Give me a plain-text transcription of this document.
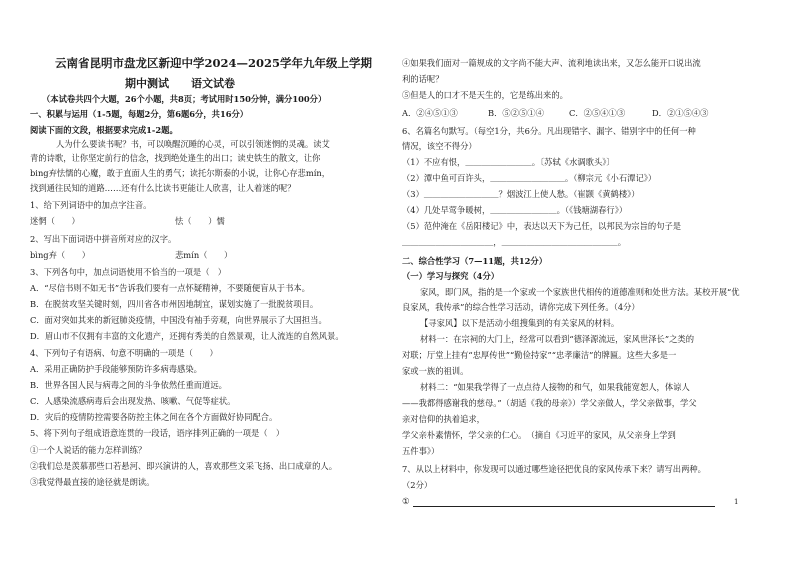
云南省昆明市盘龙区新迎中学2024—2025学年九年级上学期
期中测试　　语文试卷
（本试卷共四个大题，26个小题，共8页；考试用时150分钟，满分100分）
一、积累与运用（1-5题，每题2分，第6题6分，共16分）
阅读下面的文段，根据要求完成1-2题。
人为什么要读书呢？书，可以唤醒沉睡的心灵，可以引领迷惘的灵魂。读艾
青的诗歌，让你坚定前行的信念，找到绝处逢生的出口；读史铁生的散文，让你
bing弃怯懦的心魔，敢于直面人生的勇气；读托尔斯泰的小说，让你心存悲mín，
找到通往民知的道路……还有什么比读书更能让人欣喜，让人着迷的呢？
1、给下列词语中的加点字注音。
迷惘（　　）	怯（　　）懦
2、写出下面词语中拼音所对应的汉字。
bìng弃（　　）	悲mín（　　）
3、下列各句中，加点词语使用不恰当的一项是（　）
A．“尽信书则不如无书”告诉我们要有一点怀疑精神，不要随便盲从于书本。
B．在脱贫攻坚关键时刻，四川省各市州因地制宜，谋划实施了一批脱贫项目。
C．面对突如其来的新冠肺炎疫情，中国没有袖手旁观，向世界展示了大国担当。
D．眉山市不仅拥有丰富的文化遗产，还拥有秀美的自然景观，让人流连的自然风景。
4、下列句子有语病、句意不明确的一项是（　　）
A．采用正确防护手段能够预防许多病毒感染。
B．世界各国人民与病毒之间的斗争依然任重而道远。
C．人感染流感病毒后会出现发热、咳嗽、气促等症状。
D．灾后的疫情防控需要各防控主体之间在各个方面做好协同配合。
5、将下列句子组成语意连贯的一段话，语序排列正确的一项是（　）
①一个人说话的能力怎样训练？
②我们总是羡慕那些口若悬河、即兴演讲的人，喜欢那些文采飞扬、出口成章的人。
③我觉得最直接的途径就是朗读。
④如果我们面对一篇规成的文字尚不能大声、流利地读出来，又怎么能开口说出流
利的话呢？
⑤但是人的口才不是天生的，它是练出来的。
A．②④⑤①③	B．⑤②⑤①④	C．②⑤④①③	D．②①⑤④③
6、名篇名句默写。（每空1分，共6分。凡出现错字、漏字、错别字中的任何一种
情况，该空不得分）
（1）不应有恨，＿＿＿＿＿＿＿＿。〔苏轼《水调歌头》〕
（2）潭中鱼可百许头，＿＿＿＿＿＿＿＿＿。（柳宗元《小石潭记》）
（3）＿＿＿＿＿＿＿＿＿？烟波江上使人愁。（崔颢《黄鹤楼》）
（4）几处早莺争暖树，＿＿＿＿＿＿＿＿。（《钱塘湖春行》）
（5）范仲淹在《岳阳楼记》中，表达以天下为己任，以邦民为宗旨的句子是
＿＿＿＿＿＿＿＿＿＿＿，＿＿＿＿＿＿＿＿＿＿＿＿＿＿。
二、综合性学习（7—11题，共12分）
（一）学习与探究（4分）
家风，即门风，指的是一个家或一个家族世代相传的道德准则和处世方法。某校开展“优
良家风，我传承”的综合性学习活动，请你完成下列任务。（4分）
【寻家风】以下是活动小组搜集到的有关家风的材料。
材料一：在宗祠的大门上，经常可以看到“德泽源流远，家风世泽长”之类的
对联；厅堂上挂有“忠厚传世”“勤俭持家”“忠孝廉洁”的牌匾。这些大多是一
家或一族的祖训。
材料二：“如果我学得了一点点待人接物的和气，如果我能宽恕人，体谅人
——我都得感谢我的慈母。”（胡适《我的母亲》）学父亲做人，学父亲做事，学父
亲对信仰的执着追求，
学父亲朴素情怀，学父亲的仁心。　（摘自《习近平的家风，从父亲身上学到
五件事》）
7、从以上材料中，你发现可以通过哪些途径把优良的家风传承下来？请写出两种。
（2分）
①	1
